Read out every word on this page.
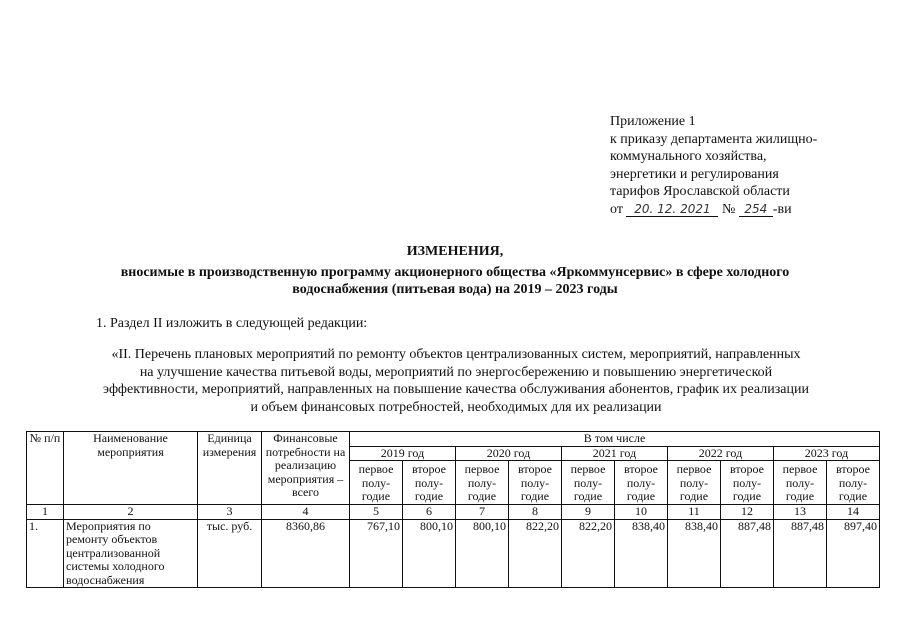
Приложение 1
к приказу департамента жилищно-
коммунального хозяйства,
энергетики и регулирования
тарифов Ярославской области
от 20. 12. 2021 № 254 -ви
ИЗМЕНЕНИЯ,
вносимые в производственную программу акционерного общества «Яркоммунсервис» в сфере холодного
водоснабжения (питьевая вода) на 2019 – 2023 годы
1. Раздел II изложить в следующей редакции:
«II. Перечень плановых мероприятий по ремонту объектов централизованных систем, мероприятий, направленных
на улучшение качества питьевой воды, мероприятий по энергосбережению и повышению энергетической
эффективности, мероприятий, направленных на повышение качества обслуживания абонентов, график их реализации
и объем финансовых потребностей, необходимых для их реализации
№ п/п	Наименование мероприятия	Единица измерения	Финансовые потребности на реализацию мероприятия – всего	В том числе									
				2019 год		2020 год		2021 год		2022 год		2023 год	
				первое полу-годие	второе полу-годие	первое полу-годие	второе полу-годие	первое полу-годие	второе полу-годие	первое полу-годие	второе полу-годие	первое полу-годие	второе полу-годие
1	2	3	4	5	6	7	8	9	10	11	12	13	14
1.	Мероприятия по ремонту объектов централизованной системы холодного водоснабжения	тыс. руб.	8360,86	767,10	800,10	800,10	822,20	822,20	838,40	838,40	887,48	887,48	897,40
